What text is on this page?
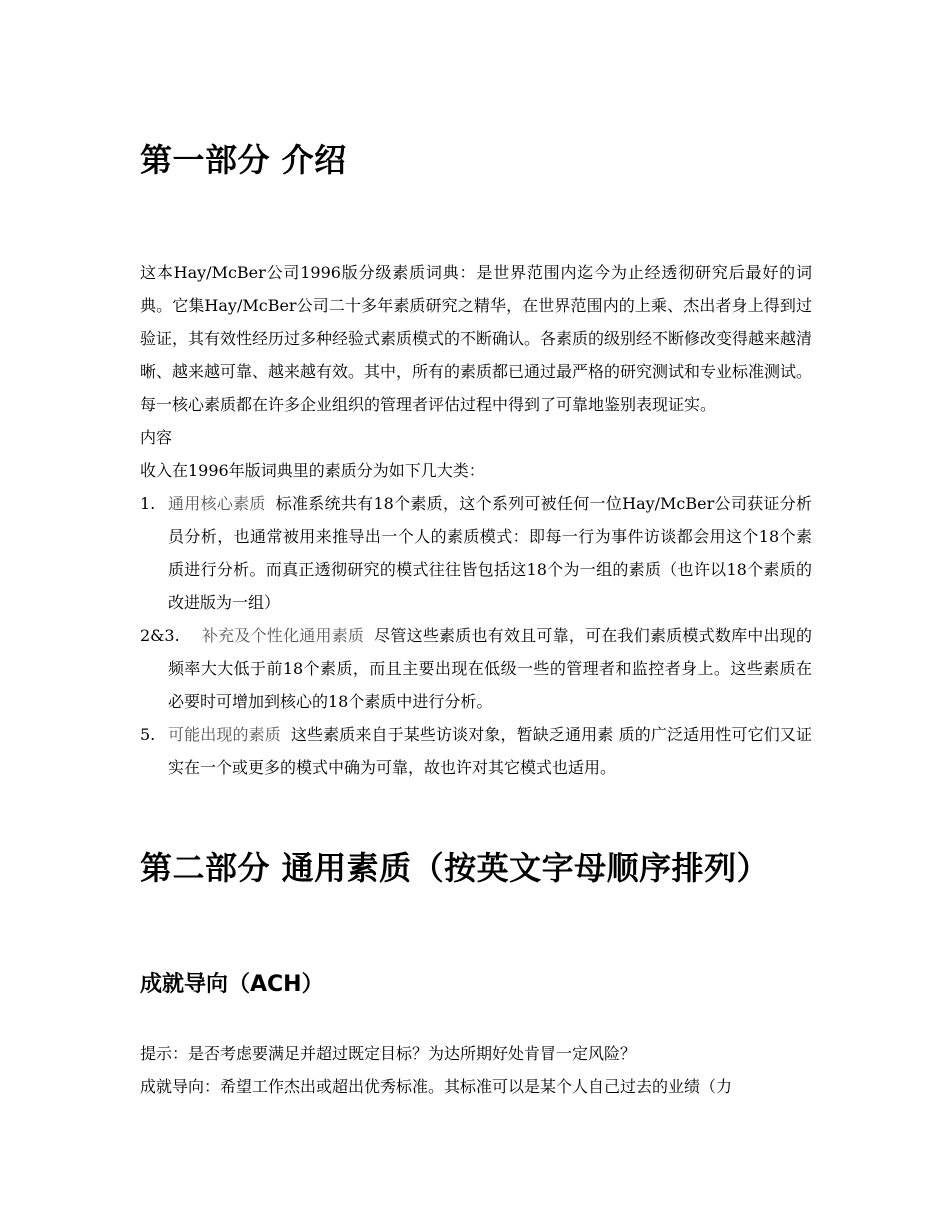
第一部分 介绍

这本Hay/McBer公司1996版分级素质词典：是世界范围内迄今为止经透彻研究后最好的词典。它集Hay/McBer公司二十多年素质研究之精华，在世界范围内的上乘、杰出者身上得到过验证，其有效性经历过多种经验式素质模式的不断确认。各素质的级别经不断修改变得越来越清晰、越来越可靠、越来越有效。其中，所有的素质都已通过最严格的研究测试和专业标准测试。每一核心素质都在许多企业组织的管理者评估过程中得到了可靠地鉴别表现证实。

内容

收入在1996年版词典里的素质分为如下几大类：

1. 通用核心素质 标准系统共有18个素质，这个系列可被任何一位Hay/McBer公司获证分析员分析，也通常被用来推导出一个人的素质模式：即每一行为事件访谈都会用这个18个素质进行分析。而真正透彻研究的模式往往皆包括这18个为一组的素质（也许以18个素质的改进版为一组）
2&3. 补充及个性化通用素质 尽管这些素质也有效且可靠，可在我们素质模式数库中出现的频率大大低于前18个素质，而且主要出现在低级一些的管理者和监控者身上。这些素质在必要时可增加到核心的18个素质中进行分析。
5. 可能出现的素质 这些素质来自于某些访谈对象，暂缺乏通用素 质的广泛适用性可它们又证实在一个或更多的模式中确为可靠，故也许对其它模式也适用。
第二部分 通用素质（按英文字母顺序排列）
成就导向（ACH）

提示：是否考虑要满足并超过既定目标？为达所期好处肯冒一定风险？

成就导向：希望工作杰出或超出优秀标准。其标准可以是某个人自己过去的业绩（力
